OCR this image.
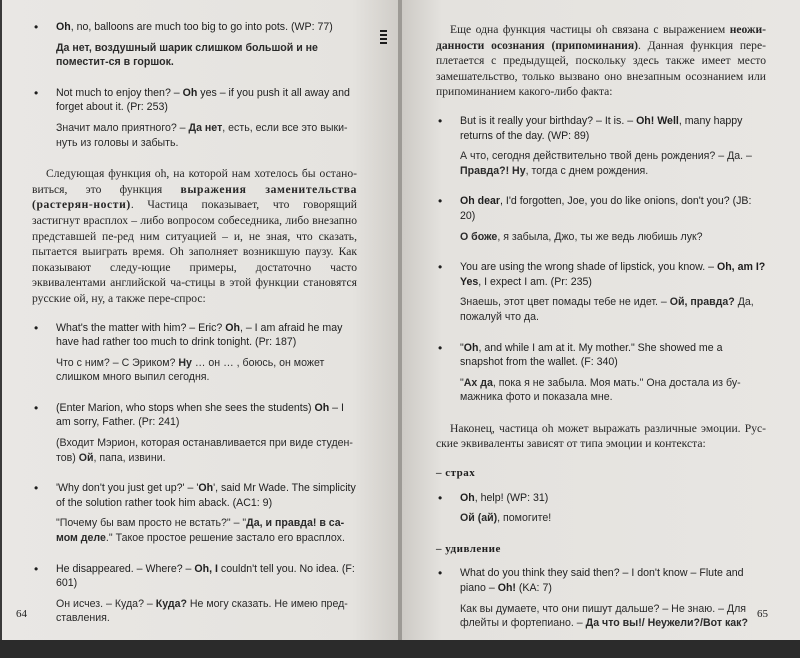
• Oh, no, balloons are much too big to go into pots. (WP: 77)

Да нет, воздушный шарик слишком большой и не поместит-ся в горшок.

• Not much to enjoy then? – Oh yes – if you push it all away and forget about it. (Pr: 253)

Значит мало приятного? – Да нет, есть, если все это выки-нуть из головы и забыть.

Следующая функция oh, на которой нам хотелось бы остано-виться, это функция выражения заменительства (растерян-ности). Частица показывает, что говорящий застигнут врасплох – либо вопросом собеседника, либо внезапно представшей пе-ред ним ситуацией – и, не зная, что сказать, пытается выиграть время. Oh заполняет возникшую паузу. Как показывают следу-ющие примеры, достаточно часто эквивалентами английской ча-стицы в этой функции становятся русские ой, ну, а также пере-спрос:

• What's the matter with him? – Eric? Oh, – I am afraid he may have had rather too much to drink tonight. (Pr: 187)

Что с ним? – С Эриком? Ну … он … , боюсь, он может слишком много выпил сегодня.

• (Enter Marion, who stops when she sees the students) Oh – I am sorry, Father. (Pr: 241)

(Входит Мэрион, которая останавливается при виде студен-тов) Ой, папа, извини.

• 'Why don't you just get up?' – 'Oh', said Mr Wade. The simplicity of the solution rather took him aback. (AC1: 9)

"Почему бы вам просто не встать?" – "Да, и правда! в са-мом деле." Такое простое решение застало его врасплох.

• He disappeared. – Where? – Oh, I couldn't tell you. No idea. (F: 601)

Он исчез. – Куда? – Куда? Не могу сказать. Не имею пред-ставления.

64

Еще одна функция частицы oh связана с выражением неожи-данности осознания (припоминания). Данная функция пере-плетается с предыдущей, поскольку здесь также имеет место замешательство, только вызвано оно внезапным осознанием или припоминанием какого-либо факта:

• But is it really your birthday? – It is. – Oh! Well, many happy returns of the day. (WP: 89)

А что, сегодня действительно твой день рождения? – Да. – Правда?! Ну, тогда с днем рождения.

• Oh dear, I'd forgotten, Joe, you do like onions, don't you? (JB: 20)

О боже, я забыла, Джо, ты же ведь любишь лук?

• You are using the wrong shade of lipstick, you know. – Oh, am I? Yes, I expect I am. (Pr: 235)

Знаешь, этот цвет помады тебе не идет. – Ой, правда? Да, пожалуй что да.

• "Oh, and while I am at it. My mother." She showed me a snapshot from the wallet. (F: 340)

"Ах да, пока я не забыла. Моя мать." Она достала из бу-мажника фото и показала мне.

Наконец, частица oh может выражать различные эмоции. Рус-ские эквиваленты зависят от типа эмоции и контекста:

– страх
• Oh, help! (WP: 31)

Ой (ай), помогите!

– удивление
• What do you think they said then? – I don't know – Flute and piano – Oh! (KA: 7)

Как вы думаете, что они пишут дальше? – Не знаю. – Для флейты и фортепиано. – Да что вы!/ Неужели?/Вот как?

65
